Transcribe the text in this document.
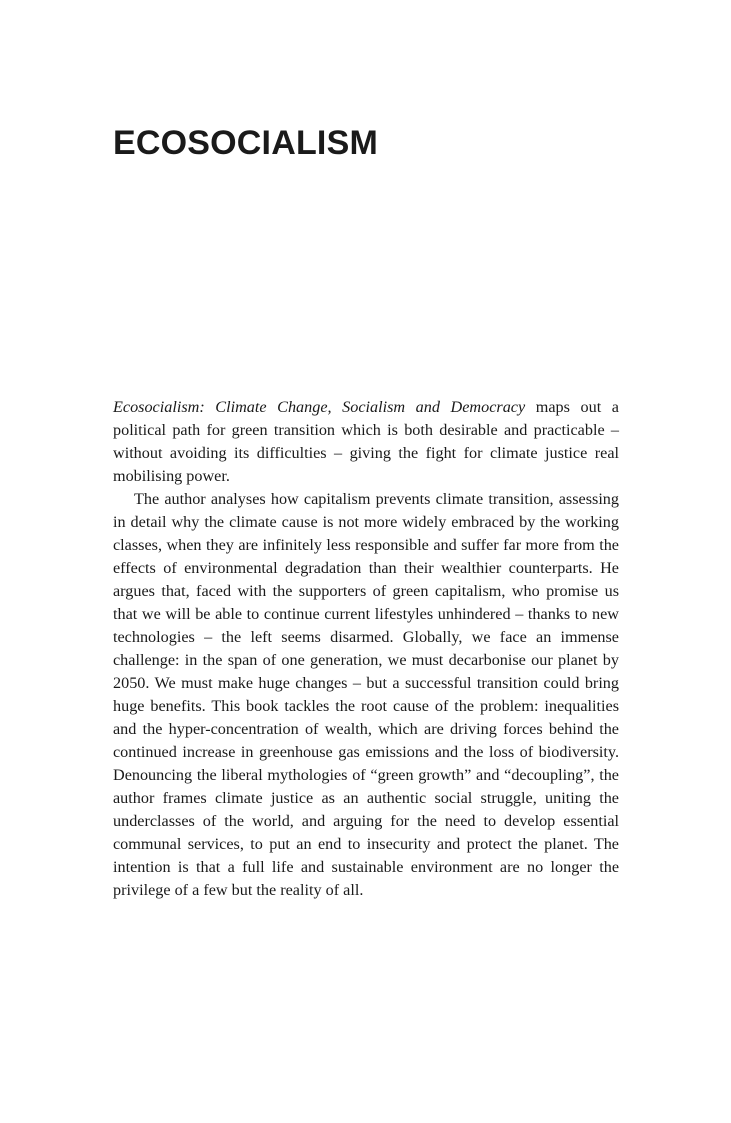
ECOSOCIALISM

Ecosocialism: Climate Change, Socialism and Democracy maps out a political path for green transition which is both desirable and practicable – without avoiding its difficulties – giving the fight for climate justice real mobilising power.

The author analyses how capitalism prevents climate transition, assessing in detail why the climate cause is not more widely embraced by the working classes, when they are infinitely less responsible and suffer far more from the effects of environmental degradation than their wealthier counterparts. He argues that, faced with the supporters of green capitalism, who promise us that we will be able to continue current lifestyles unhindered – thanks to new technologies – the left seems disarmed. Globally, we face an immense challenge: in the span of one generation, we must decarbonise our planet by 2050. We must make huge changes – but a successful transition could bring huge benefits. This book tackles the root cause of the problem: inequalities and the hyper-concentration of wealth, which are driving forces behind the continued increase in greenhouse gas emissions and the loss of biodiversity. Denouncing the liberal mythologies of “green growth” and “decoupling”, the author frames climate justice as an authentic social struggle, uniting the underclasses of the world, and arguing for the need to develop essential communal services, to put an end to insecurity and protect the planet. The intention is that a full life and sustainable environment are no longer the privilege of a few but the reality of all.
